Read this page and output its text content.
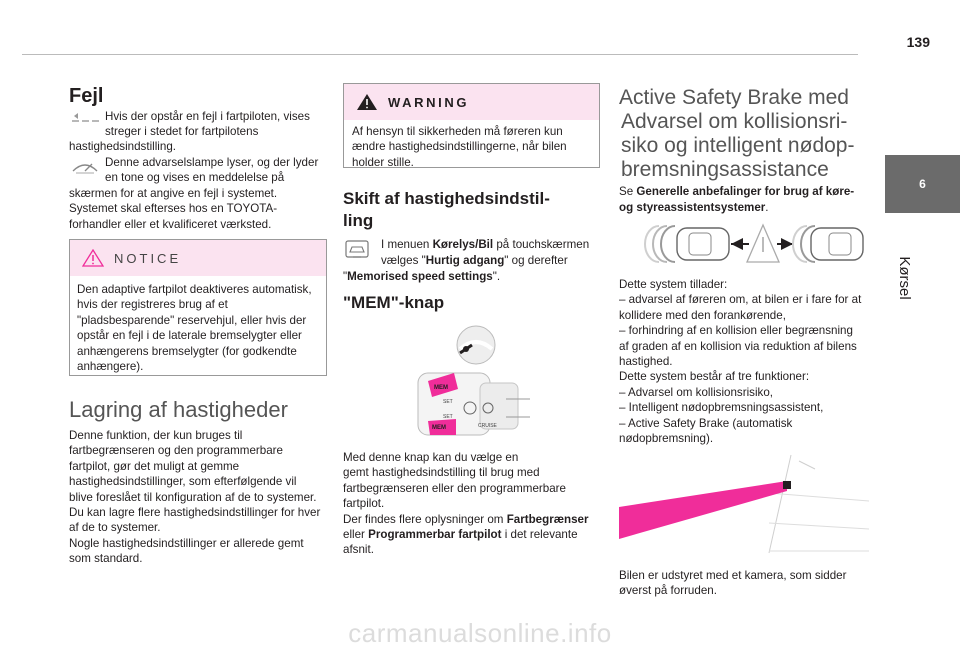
139
6
Kørsel
Fejl
Hvis der opstår en fejl i fartpiloten, vises
streger i stedet for fartpilotens
hastighedsindstilling.
Denne advarselslampe lyser, og der lyder
en tone og vises en meddelelse på
skærmen for at angive en fejl i systemet.
Systemet skal efterses hos en TOYOTA-
forhandler eller et kvalificeret værksted.
NOTICE
Den adaptive fartpilot deaktiveres automatisk,
hvis der registreres brug af et
"pladsbesparende" reservehjul, eller hvis der
opstår en fejl i de laterale bremselygter eller
anhængerens bremselygter (for godkendte
anhængere).
Lagring af hastigheder
Denne funktion, der kun bruges til
fartbegrænseren og den programmerbare
fartpilot, gør det muligt at gemme
hastighedsindstillinger, som efterfølgende vil
blive foreslået til konfiguration af de to systemer.
Du kan lagre flere hastighedsindstillinger for hver
af de to systemer.
Nogle hastighedsindstillinger er allerede gemt
som standard.
WARNING
Af hensyn til sikkerheden må føreren kun
ændre hastighedsindstillingerne, når bilen
holder stille.
Skift af hastighedsindstil-
ling
I menuen Kørelys/Bil på touchskærmen
vælges "Hurtig adgang" og derefter
"Memorised speed settings".
"MEM"-knap
MEM
SET
SET
MEM	CRUISE
Med denne knap kan du vælge en
gemt hastighedsindstilling til brug med
fartbegrænseren eller den programmerbare
fartpilot.
Der findes flere oplysninger om Fartbegrænser
eller Programmerbar fartpilot i det relevante
afsnit.
Active Safety Brake med
Advarsel om kollisionsri-
siko og intelligent nødop-
bremsningsassistance
Se Generelle anbefalinger for brug af køre-
og styreassistentsystemer.
Dette system tillader:
– advarsel af føreren om, at bilen er i fare for at
kollidere med den forankørende,
– forhindring af en kollision eller begrænsning
af graden af en kollision via reduktion af bilens
hastighed.
Dette system består af tre funktioner:
– Advarsel om kollisionsrisiko,
– Intelligent nødopbremsningsassistent,
– Active Safety Brake (automatisk
nødopbremsning).
Bilen er udstyret med et kamera, som sidder
øverst på forruden.
carmanualsonline.info
